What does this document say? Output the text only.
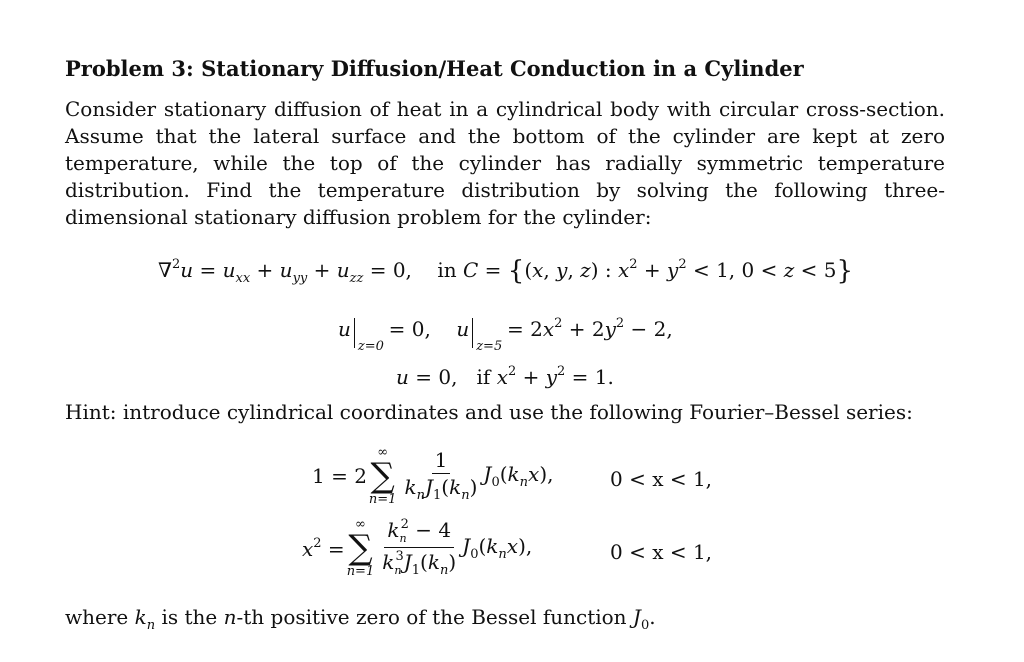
Problem 3: Stationary Diffusion/Heat Conduction in a Cylinder

Consider stationary diffusion of heat in a cylindrical body with circular cross-section. Assume that the lateral surface and the bottom of the cylinder are kept at zero temperature, while the top of the cylinder has radially symmetric temperature distribution. Find the temperature distribution by solving the following three-dimensional stationary diffusion problem for the cylinder:

$\nabla^2u = u_{xx} + u_{yy} + u_{zz} = 0$,    in C = {(x, y, z) : $x^2 + y^2 < 1$, 0 < z < 5}
u
z=0
= 0,    u
z=5
= $2x^2 + 2y^2 - 2$,
u = 0,   if $x^2 + y^2 = 1$.
Hint: introduce cylindrical coordinates and use the following Fourier–Bessel series:
1 = 2
∞
∑
$n=1 \frac{1}{k_nJ_1(k_n)} J_0(k_nx)$,	0 < x < 1,
$x^2$ =
∞
∑
$n=1 \frac{k_n^2 - 4}{k_n^3J_1(k_n)} J_0(k_nx)$,	0 < x < 1,
where $k_n$ is the n-th positive zero of the Bessel function $J_0$.
